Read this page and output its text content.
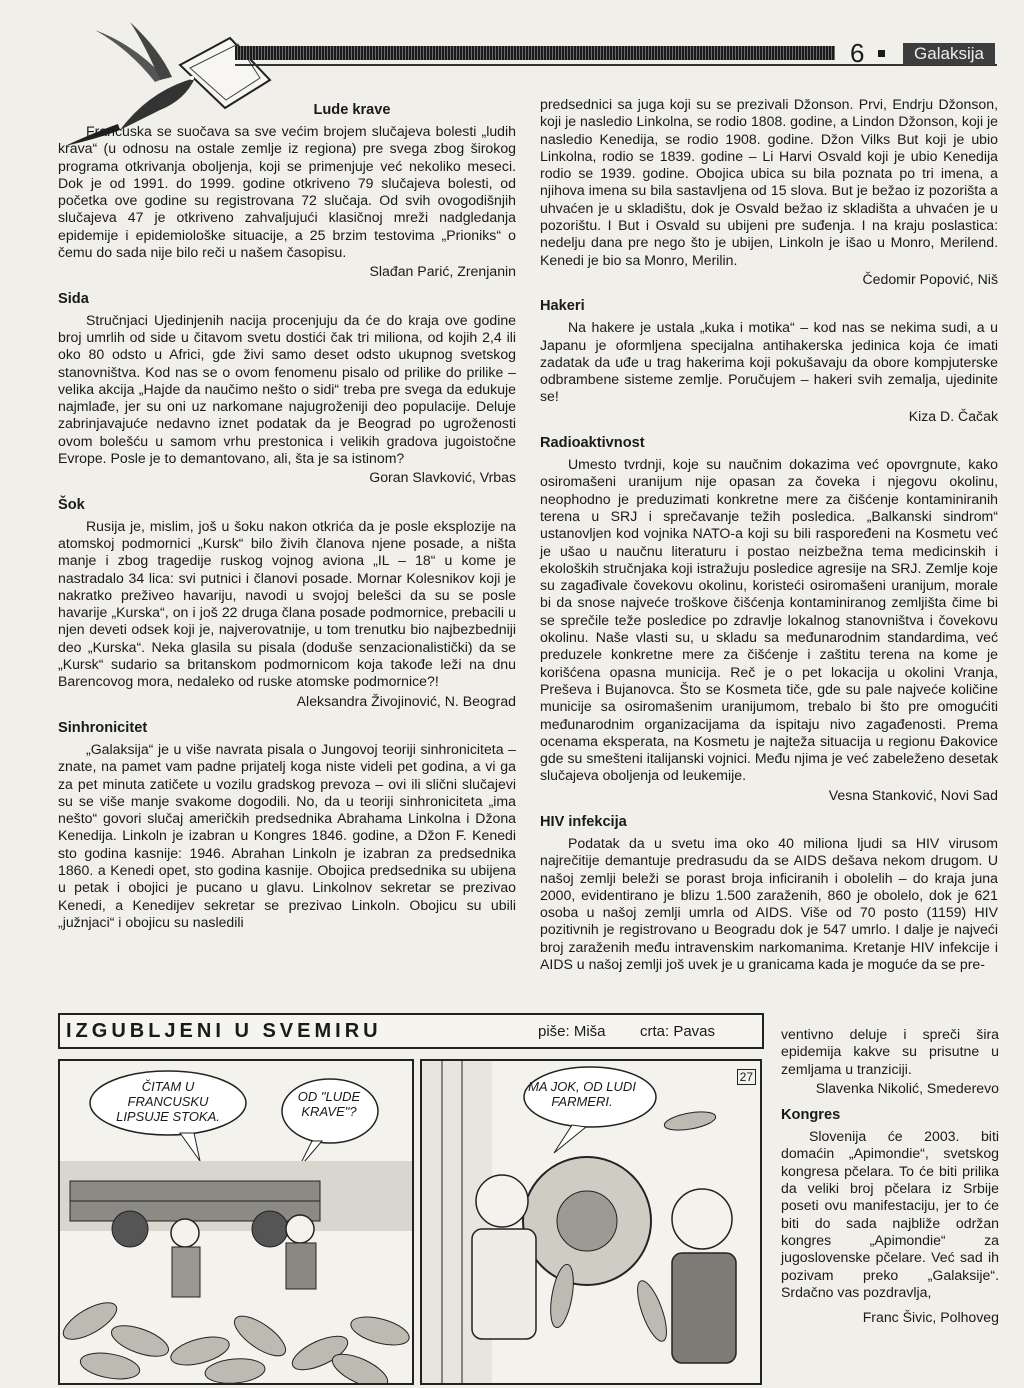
6	Galaksija
Lude krave

Francuska se suočava sa sve većim brojem slučajeva bolesti „ludih krava“ (u odnosu na ostale zemlje iz regiona) pre svega zbog širokog programa otkrivanja oboljenja, koji se primenjuje već nekoliko meseci. Dok je od 1991. do 1999. godine otkriveno 79 slučajeva bolesti, od početka ove godine su registrovana 72 slučaja. Od svih ovogodišnjih slučajeva 47 je otkriveno zahvaljujući klasičnoj mreži nadgledanja epidemije i epidemiološke situacije, a 25 brzim testovima „Prioniks“ o čemu do sada nije bilo reči u našem časopisu.

Slađan Parić, Zrenjanin
Sida

Stručnjaci Ujedinjenih nacija procenjuju da će do kraja ove godine broj umrlih od side u čitavom svetu dostići čak tri miliona, od kojih 2,4 ili oko 80 odsto u Africi, gde živi samo deset odsto ukupnog svetskog stanovništva. Kod nas se o ovom fenomenu pisalo od prilike do prilike – velika akcija „Hajde da naučimo nešto o sidi“ treba pre svega da edukuje najmlađe, jer su oni uz narkomane najugroženiji deo populacije. Deluje zabrinjavajuće nedavno iznet podatak da je Beograd po ugroženosti ovom bolešću u samom vrhu prestonica i velikih gradova jugoistočne Evrope. Posle je to demantovano, ali, šta je sa istinom?

Goran Slavković, Vrbas
Šok

Rusija je, mislim, još u šoku nakon otkrića da je posle eksplozije na atomskoj podmornici „Kursk“ bilo živih članova njene posade, a ništa manje i zbog tragedije ruskog vojnog aviona „IL – 18“ u kome je nastradalo 34 lica: svi putnici i članovi posade. Mornar Kolesnikov koji je nakratko preživeo havariju, navodi u svojoj belešci da su se posle havarije „Kurska“, on i još 22 druga člana posade podmornice, prebacili u njen deveti odsek koji je, najverovatnije, u tom trenutku bio najbezbedniji deo „Kurska“. Neka glasila su pisala (doduše senzacionalistički) da se „Kursk“ sudario sa britanskom podmornicom koja takođe leži na dnu Barencovog mora, nedaleko od ruske atomske podmornice?!

Aleksandra Živojinović, N. Beograd
Sinhronicitet

„Galaksija“ je u više navrata pisala o Jungovoj teoriji sinhroniciteta – znate, na pamet vam padne prijatelj koga niste videli pet godina, a vi ga za pet minuta zatičete u vozilu gradskog prevoza – ovi ili slični slučajevi su se više manje svakome dogodili. No, da u teoriji sinhroniciteta „ima nešto“ govori slučaj američkih predsednika Abrahama Linkolna i Džona Kenedija. Linkoln je izabran u Kongres 1846. godine, a Džon F. Kenedi sto godina kasnije: 1946. Abrahan Linkoln je izabran za predsednika 1860. a Kenedi opet, sto godina kasnije. Obojica predsednika su ubijena u petak i obojici je pucano u glavu. Linkolnov sekretar se prezivao Kenedi, a Kenedijev sekretar se prezivao Linkoln. Obojicu su ubili „južnjaci“ i obojicu su nasledili

predsednici sa juga koji su se prezivali Džonson. Prvi, Endrju Džonson, koji je nasledio Linkolna, se rodio 1808. godine, a Lindon Džonson, koji je nasledio Kenedija, se rodio 1908. godine. Džon Vilks But koji je ubio Linkolna, rodio se 1839. godine – Li Harvi Osvald koji je ubio Kenedija rodio se 1939. godine. Obojica ubica su bila poznata po tri imena, a njihova imena su bila sastavljena od 15 slova. But je bežao iz pozorišta a uhvaćen je u skladištu, dok je Osvald bežao iz skladišta a uhvaćen je u pozorištu. I But i Osvald su ubijeni pre suđenja. I na kraju poslastica: nedelju dana pre nego što je ubijen, Linkoln je išao u Monro, Merilend. Kenedi je bio sa Monro, Merilin.

Čedomir Popović, Niš
Hakeri

Na hakere je ustala „kuka i motika“ – kod nas se nekima sudi, a u Japanu je oformljena specijalna antihakerska jedinica koja će imati zadatak da uđe u trag hakerima koji pokušavaju da obore kompjuterske odbrambene sisteme zemlje. Poručujem – hakeri svih zemalja, ujedinite se!

Kiza D. Čačak
Radioaktivnost

Umesto tvrdnji, koje su naučnim dokazima već opovrgnute, kako osiromašeni uranijum nije opasan za čoveka i njegovu okolinu, neophodno je preduzimati konkretne mere za čišćenje kontaminiranih terena u SRJ i sprečavanje težih posledica. „Balkanski sindrom“ ustanovljen kod vojnika NATO-a koji su bili raspoređeni na Kosmetu već je ušao u naučnu literaturu i postao neizbežna tema medicinskih i ekoloških stručnjaka koji istražuju posledice agresije na SRJ. Zemlje koje su zagađivale čovekovu okolinu, koristeći osiromašeni uranijum, morale bi da snose najveće troškove čišćenja kontaminiranog zemljišta čime bi se sprečile teže posledice po zdravlje lokalnog stanovništva i čovekovu okolinu. Naše vlasti su, u skladu sa međunarodnim standardima, već preduzele konkretne mere za čišćenje i zaštitu terena na kome je korišćena opasna municija. Reč je o pet lokacija u okolini Vranja, Preševa i Bujanovca. Što se Kosmeta tiče, gde su pale najveće količine municije sa osiromašenim uranijumom, trebalo bi što pre omogućiti međunarodnim organizacijama da ispitaju nivo zagađenosti. Prema ocenama eksperata, na Kosmetu je najteža situacija u regionu Đakovice gde su smešteni italijanski vojnici. Među njima je već zabeleženo desetak slučajeva oboljenja od leukemije.

Vesna Stanković, Novi Sad
HIV infekcija

Podatak da u svetu ima oko 40 miliona ljudi sa HIV virusom najrečitije demantuje predrasudu da se AIDS dešava nekom drugom. U našoj zemlji beleži se porast broja inficiranih i obolelih – do kraja juna 2000, evidentirano je blizu 1.500 zaraženih, 860 je obolelo, dok je 621 osoba u našoj zemlji umrla od AIDS. Više od 70 posto (1159) HIV pozitivnih je registrovano u Beogradu dok je 547 umrlo. I dalje je najveći broj zaraženih među intravenskim narkomanima. Kretanje HIV infekcije i AIDS u našoj zemlji još uvek je u granicama kada je moguće da se pre-

ventivno deluje i spreči šira epidemija kakve su prisutne u zemljama u tranziciji.

Slavenka Nikolić, Smederevo
Kongres

Slovenija će 2003. biti domaćin „Apimondie“, svetskog kongresa pčelara. To će biti prilika da veliki broj pčelara iz Srbije poseti ovu manifestaciju, jer to će biti do sada najbliže održan kongres „Apimondie“ za jugoslovenske pčelare. Već sad ih pozivam preko „Galaksije“. Srdačno vas pozdravlja,

Franc Šivic, Polhoveg
IZGUBLJENI U SVEMIRU	piše: Miša crta: Pavas
ČITAM U FRANCUSKU LIPSUJE STOKA.
OD "LUDE KRAVE"?
MA JOK, OD LUDI FARMERI.
27
